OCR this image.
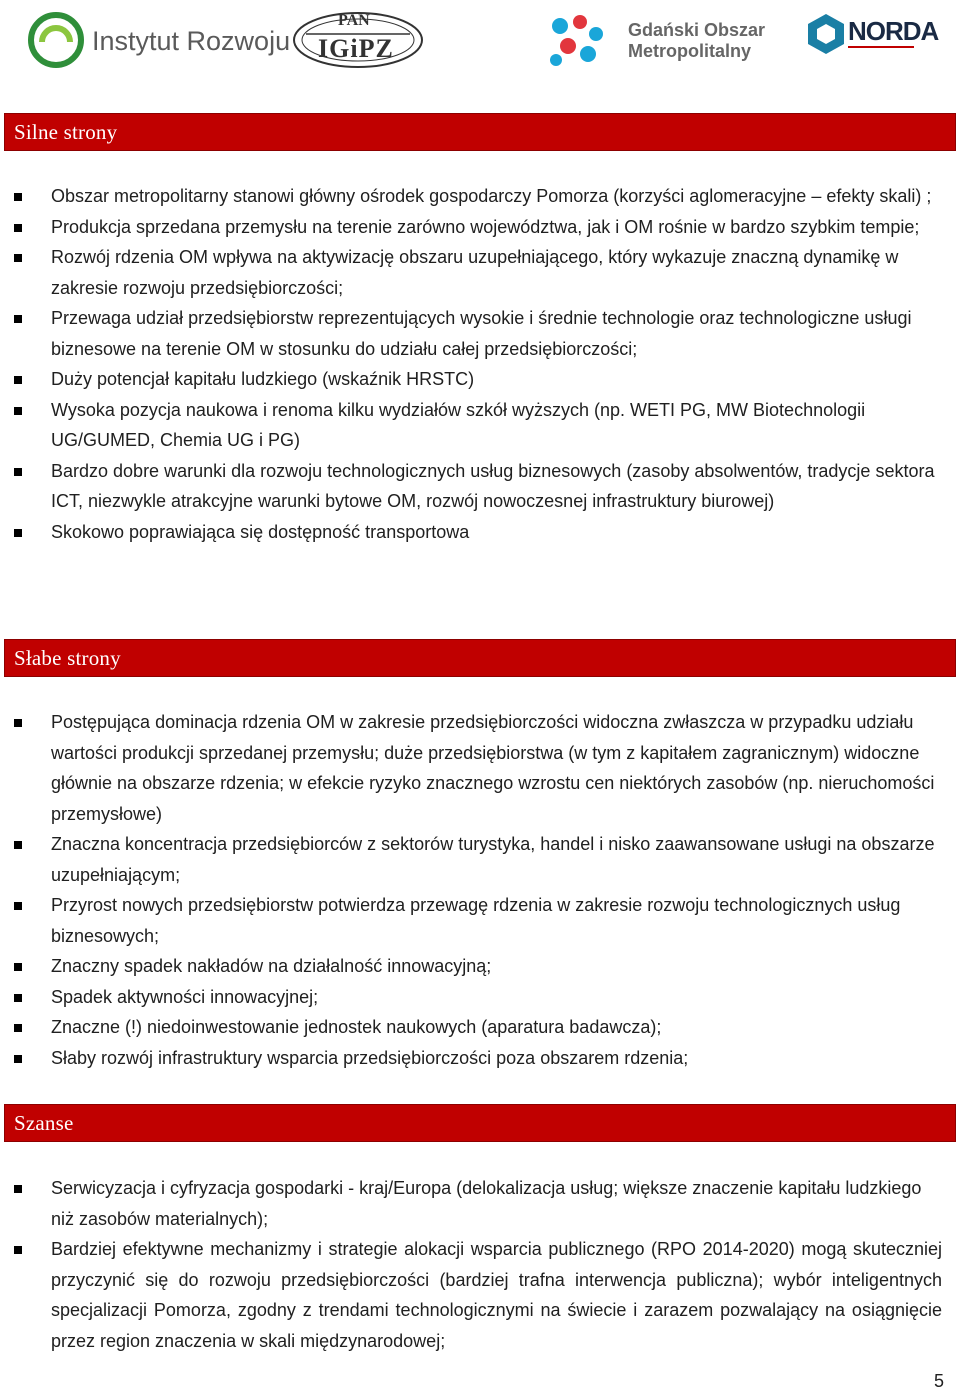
Instytut Rozwoju
PAN
IGiPZ
Gdański Obszar
Metropolitalny
NORDA
Silne strony
Obszar metropolitarny stanowi główny ośrodek gospodarczy Pomorza (korzyści aglomeracyjne – efekty skali) ;
Produkcja sprzedana przemysłu na terenie zarówno województwa, jak i OM rośnie w bardzo szybkim tempie;
Rozwój rdzenia OM wpływa na aktywizację obszaru uzupełniającego, który wykazuje znaczną dynamikę w zakresie rozwoju przedsiębiorczości;
Przewaga udział przedsiębiorstw reprezentujących wysokie i średnie technologie oraz technologiczne usługi biznesowe na terenie OM w stosunku do udziału całej przedsiębiorczości;
Duży potencjał kapitału ludzkiego (wskaźnik HRSTC)
Wysoka pozycja naukowa i renoma kilku wydziałów szkół wyższych (np. WETI PG, MW Biotechnologii UG/GUMED, Chemia UG i PG)
Bardzo dobre warunki dla rozwoju technologicznych usług biznesowych (zasoby absolwentów, tradycje sektora ICT, niezwykle atrakcyjne warunki bytowe OM, rozwój nowoczesnej infrastruktury biurowej)
Skokowo poprawiająca się dostępność transportowa
Słabe strony
Postępująca dominacja rdzenia OM w zakresie przedsiębiorczości widoczna zwłaszcza w przypadku udziału wartości produkcji sprzedanej przemysłu; duże przedsiębiorstwa (w tym z kapitałem zagranicznym) widoczne głównie na obszarze rdzenia; w efekcie ryzyko znacznego wzrostu cen niektórych zasobów (np. nieruchomości przemysłowe)
Znaczna koncentracja przedsiębiorców z sektorów turystyka, handel i nisko zaawansowane usługi na obszarze uzupełniającym;
Przyrost nowych przedsiębiorstw potwierdza przewagę rdzenia w zakresie rozwoju technologicznych usług biznesowych;
Znaczny spadek nakładów na działalność innowacyjną;
Spadek aktywności innowacyjnej;
Znaczne (!) niedoinwestowanie jednostek naukowych (aparatura badawcza);
Słaby rozwój infrastruktury wsparcia przedsiębiorczości poza obszarem rdzenia;
Szanse
Serwicyzacja i cyfryzacja gospodarki - kraj/Europa (delokalizacja usług; większe znaczenie kapitału ludzkiego niż zasobów materialnych);
Bardziej efektywne mechanizmy i strategie alokacji wsparcia publicznego (RPO 2014-2020) mogą skuteczniej przyczynić się do rozwoju przedsiębiorczości (bardziej trafna interwencja publiczna); wybór inteligentnych specjalizacji Pomorza, zgodny z trendami technologicznymi na świecie i zarazem pozwalający na osiągnięcie przez region znaczenia w skali międzynarodowej;
5
